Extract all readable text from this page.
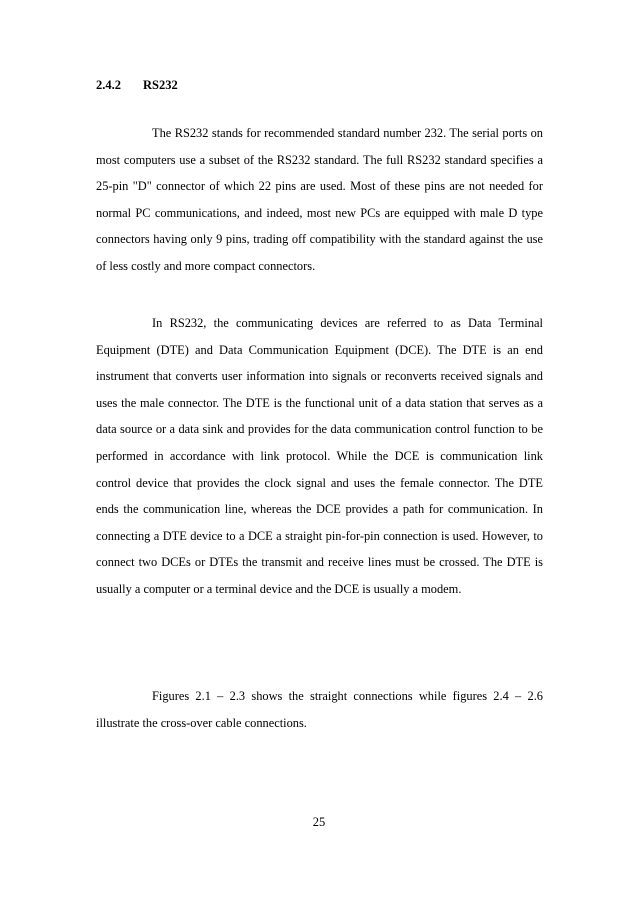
2.4.2 RS232

The RS232 stands for recommended standard number 232. The serial ports on most computers use a subset of the RS232 standard. The full RS232 standard specifies a 25-pin "D" connector of which 22 pins are used. Most of these pins are not needed for normal PC communications, and indeed, most new PCs are equipped with male D type connectors having only 9 pins, trading off compatibility with the standard against the use of less costly and more compact connectors.

In RS232, the communicating devices are referred to as Data Terminal Equipment (DTE) and Data Communication Equipment (DCE). The DTE is an end instrument that converts user information into signals or reconverts received signals and uses the male connector. The DTE is the functional unit of a data station that serves as a data source or a data sink and provides for the data communication control function to be performed in accordance with link protocol. While the DCE is communication link control device that provides the clock signal and uses the female connector. The DTE ends the communication line, whereas the DCE provides a path for communication. In connecting a DTE device to a DCE a straight pin-for-pin connection is used. However, to connect two DCEs or DTEs the transmit and receive lines must be crossed. The DTE is usually a computer or a terminal device and the DCE is usually a modem.

Figures 2.1 – 2.3 shows the straight connections while figures 2.4 – 2.6 illustrate the cross-over cable connections.

25
